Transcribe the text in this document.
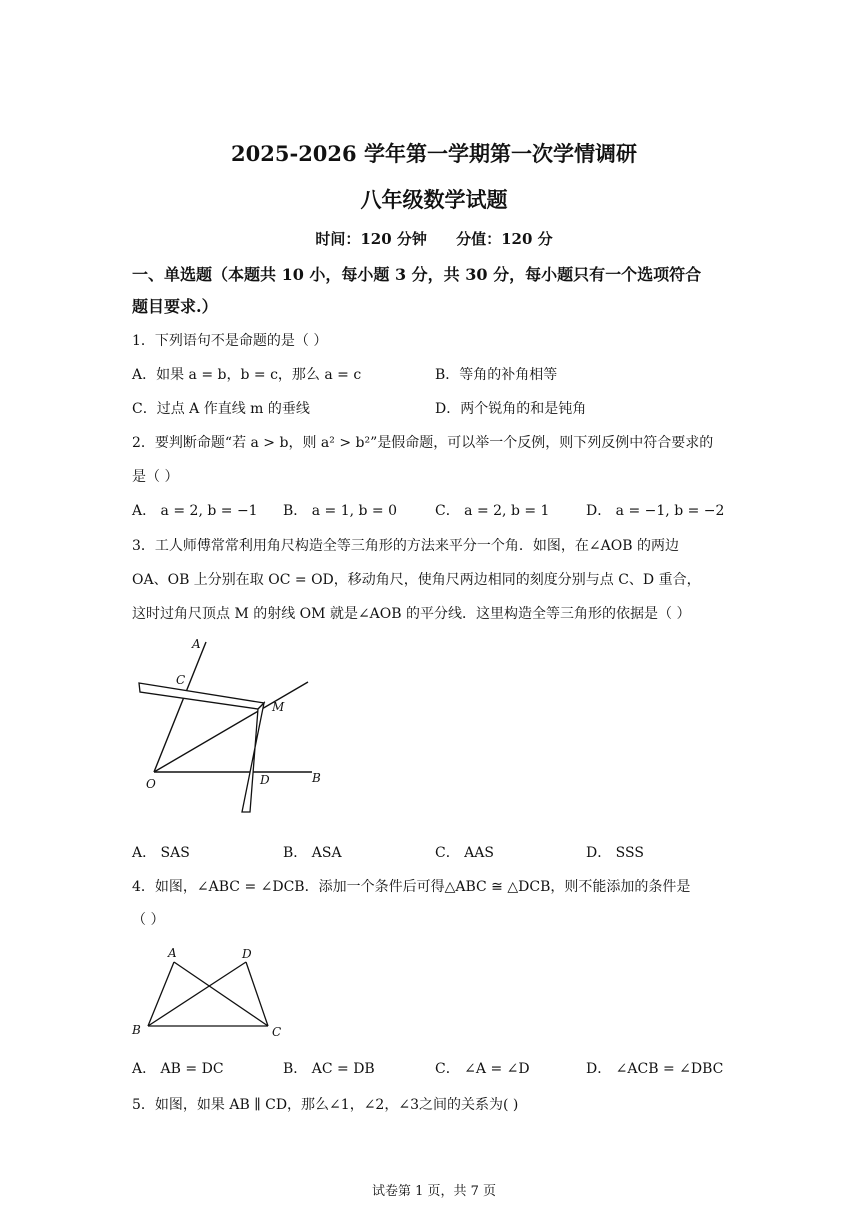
2025-2026 学年第一学期第一次学情调研
八年级数学试题
时间：120 分钟 分值：120 分
一、单选题（本题共 10 小，每小题 3 分，共 30 分，每小题只有一个选项符合
题目要求.）
1．下列语句不是命题的是（ ）
A．如果 a = b，b = c，那么 a = c	B．等角的补角相等
C．过点 A 作直线 m 的垂线	D．两个锐角的和是钝角
2．要判断命题“若 a > b，则 a² > b²”是假命题，可以举一个反例，则下列反例中符合要求的
是（ ）
A． a = 2, b = −1 B． a = 1, b = 0	C． a = 2, b = 1	D． a = −1, b = −2
3．工人师傅常常利用角尺构造全等三角形的方法来平分一个角．如图，在∠AOB 的两边
OA、OB 上分别在取 OC = OD，移动角尺，使角尺两边相同的刻度分别与点 C、D 重合，
这时过角尺顶点 M 的射线 OM 就是∠AOB 的平分线．这里构造全等三角形的依据是（ ）
A
C
M
O	D	B
A． SAS	B． ASA	C． AAS	D． SSS
4．如图，∠ABC = ∠DCB．添加一个条件后可得△ABC ≅ △DCB，则不能添加的条件是
（ ）
A	D
B	C
A． AB = DC	B． AC = DB	C． ∠A = ∠D	D． ∠ACB = ∠DBC
5．如图，如果 AB ∥ CD，那么∠1，∠2，∠3之间的关系为( )
试卷第 1 页，共 7 页
